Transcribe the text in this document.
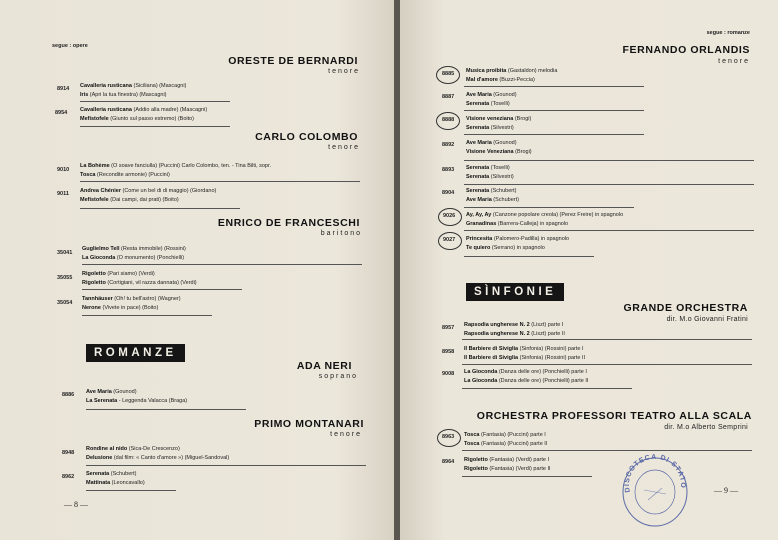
segue : opere
ORESTE DE BERNARDI
tenore
8914 Cavalleria rusticana (Siciliana) (Mascagni)
Iris (Apri la tua finestra) (Mascagni)
8954 Cavalleria rusticana (Addio alla madre) (Mascagni)
Mefistofele (Giunto sul passo estremo) (Boito)
CARLO COLOMBO
tenore
9010
La Bohème (O soave fanciulla) (Puccini) Carlo Colombo, ten. - Tina Bilti, sopr.
Tosca (Recondite armonie) (Puccini)
9011 Andrea Chénier (Come un bel di di maggio) (Giordano)
Mefistofele (Dai campi, dai prati) (Boito)
ENRICO DE FRANCESCHI
baritono
35041
Guglielmo Tell (Resta immobile) (Rossini)
La Gioconda (O monumento) (Ponchielli)
35055
Rigoletto (Pari siamo) (Verdi)
Rigoletto (Cortigiani, vil razza dannata) (Verdi)
35054
Tannhäuser (Oh! tu bell'astro) (Wagner)
Nerone (Vivete in pace) (Boito)
ROMANZE
ADA NERI
soprano
8886 Ave Maria (Gounod)
La Serenata - Leggenda Valacca (Braga)
PRIMO MONTANARI
tenore
8948
Rondine al nido (Sica-De Crescenzo)
Delusione (dal film: « Canto d'amore ») (Miguel-Sandoval)
8962 Serenata (Schubert)
Mattinata (Leoncavallo)
— 8 —
segue : romanze
FERNANDO ORLANDIS
tenore
8885 Musica proibita (Gastaldon) melodia
Mal d'amore (Buzzi-Peccia)
8887 Ave Maria (Gounod)
Serenata (Toselli)
8888 Visione veneziana (Brogi)
Serenata (Silvestri)
8892 Ave Maria (Gounod)
Visione Veneziana (Brogi)
8893 Serenata (Toselli)
Serenata (Silvestri)
8904 Serenata (Schubert)
Ave Maria (Schubert)
9026 Ay, Ay, Ay (Canzone popolare creola) (Perez Freire) in spagnolo
Granadinas (Barrera-Calleja) in spagnolo
9027 Princesita (Palomero-Padilla) in spagnolo
Te quiero (Serrano) in spagnolo
SÌNFONIE
GRANDE ORCHESTRA
dir. M.o Giovanni Fratini
8957 Rapsodia ungherese N. 2 (Liszt) parte I
Rapsodia ungherese N. 2 (Liszt) parte II
8958 Il Barbiere di Siviglia (Sinfonia) (Rossini) parte I
Il Barbiere di Siviglia (Sinfonia) (Rossini) parte II
9008 La Gioconda (Danza delle ore) (Ponchielli) parte I
La Gioconda (Danza delle ore) (Ponchielli) parte II
ORCHESTRA PROFESSORI TEATRO ALLA SCALA
dir. M.o Alberto Semprini
8963 Tosca (Fantasia) (Puccini) parte I
Tosca (Fantasia) (Puccini) parte II
8964 Rigoletto (Fantasia) (Verdi) parte I
Rigoletto (Fantasia) (Verdi) parte II
DISCOTECA DI STATO
— 9 —
